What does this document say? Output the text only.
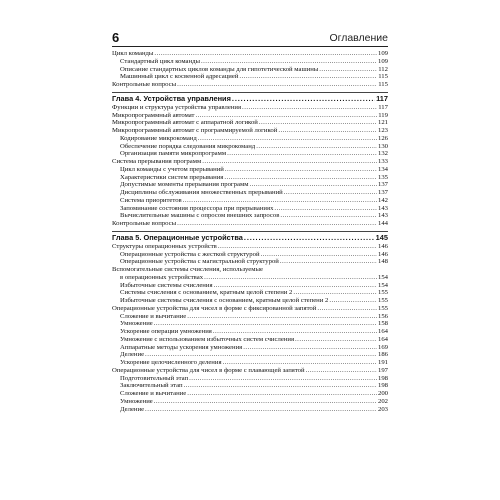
6	Оглавление
Цикл команды . . .	109
Стандартный цикл команды . . .	109
Описание стандартных циклов команды для гипотетической машины . . .	112
Машинный цикл с косвенной адресацией . . .	115
Контрольные вопросы . . .	115
Глава 4. Устройства управления . . .	117
Функции и структура устройства управления . . .	117
Микропрограммный автомат . . .	119
Микропрограммный автомат с аппаратной логикой . . .	121
Микропрограммный автомат с программируемой логикой . . .	123
Кодирование микрокоманд . . .	126
Обеспечение порядка следования микрокоманд . . .	130
Организация памяти микропрограмм . . .	132
Система прерывания программ . . .	133
Цикл команды с учетом прерываний . . .	134
Характеристики систем прерывания . . .	135
Допустимые моменты прерывания программ . . .	137
Дисциплины обслуживания множественных прерываний . . .	137
Система приоритетов . . .	142
Запоминание состояния процессора при прерываниях . . .	143
Вычислительные машины с опросом внешних запросов . . .	143
Контрольные вопросы . . .	144
Глава 5. Операционные устройства . . .	145
Структуры операционных устройств . . .	146
Операционные устройства с жесткой структурой . . .	146
Операционные устройства с магистральной структурой . . .	148
Вспомогательные системы счисления, используемые
в операционных устройствах . . .	154
Избыточные системы счисления . . .	154
Системы счисления с основанием, кратным целой степени 2 . . .	155
Избыточные системы счисления с основанием, кратным целой степени 2 . . .	155
Операционные устройства для чисел в форме с фиксированной запятой . . .	155
Сложение и вычитание . . .	156
Умножение . . .	158
Ускорение операции умножения . . .	164
Умножение с использованием избыточных систем счисления . . .	164
Аппаратные методы ускорения умножения . . .	169
Деление . . .	186
Ускорение целочисленного деления . . .	191
Операционные устройства для чисел в форме с плавающей запятой . . .	197
Подготовительный этап . . .	198
Заключительный этап . . .	198
Сложение и вычитание . . .	200
Умножение . . .	202
Деление . . .	203
